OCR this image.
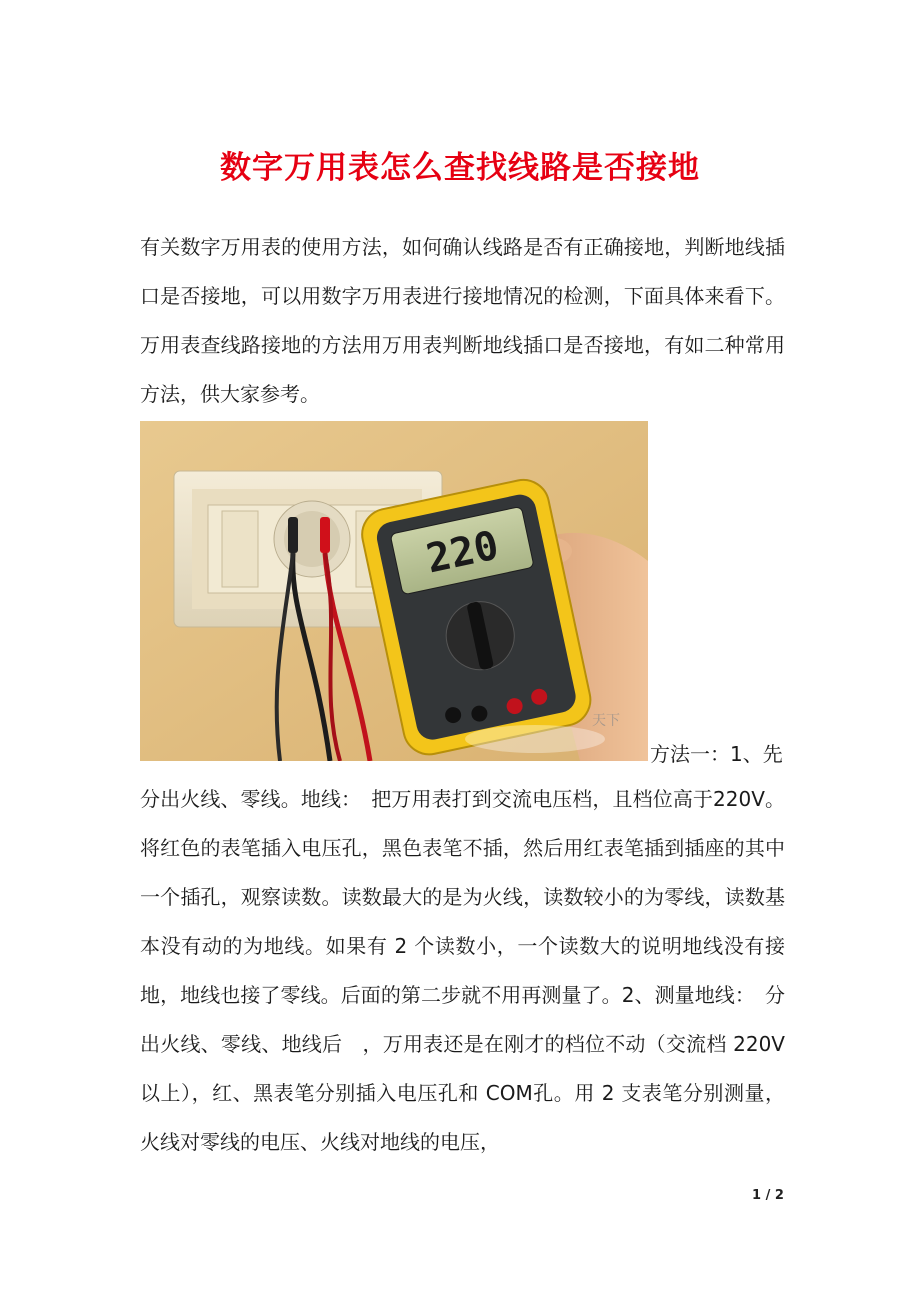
数字万用表怎么查找线路是否接地

有关数字万用表的使用方法，如何确认线路是否有正确接地，判断地线插口是否接地，可以用数字万用表进行接地情况的检测，下面具体来看下。万用表查线路接地的方法用万用表判断地线插口是否接地，有如二种常用方法，供大家参考。

220
天下
方法一：1、先

分出火线、零线。地线：　把万用表打到交流电压档，且档位高于220V。将红色的表笔插入电压孔，黑色表笔不插，然后用红表笔插到插座的其中一个插孔，观察读数。读数最大的是为火线，读数较小的为零线，读数基本没有动的为地线。如果有 2 个读数小，一个读数大的说明地线没有接地，地线也接了零线。后面的第二步就不用再测量了。2、测量地线：　分出火线、零线、地线后　，万用表还是在刚才的档位不动（交流档 220V 以上），红、黑表笔分别插入电压孔和 COM孔。用 2 支表笔分别测量，火线对零线的电压、火线对地线的电压，

1 / 2
